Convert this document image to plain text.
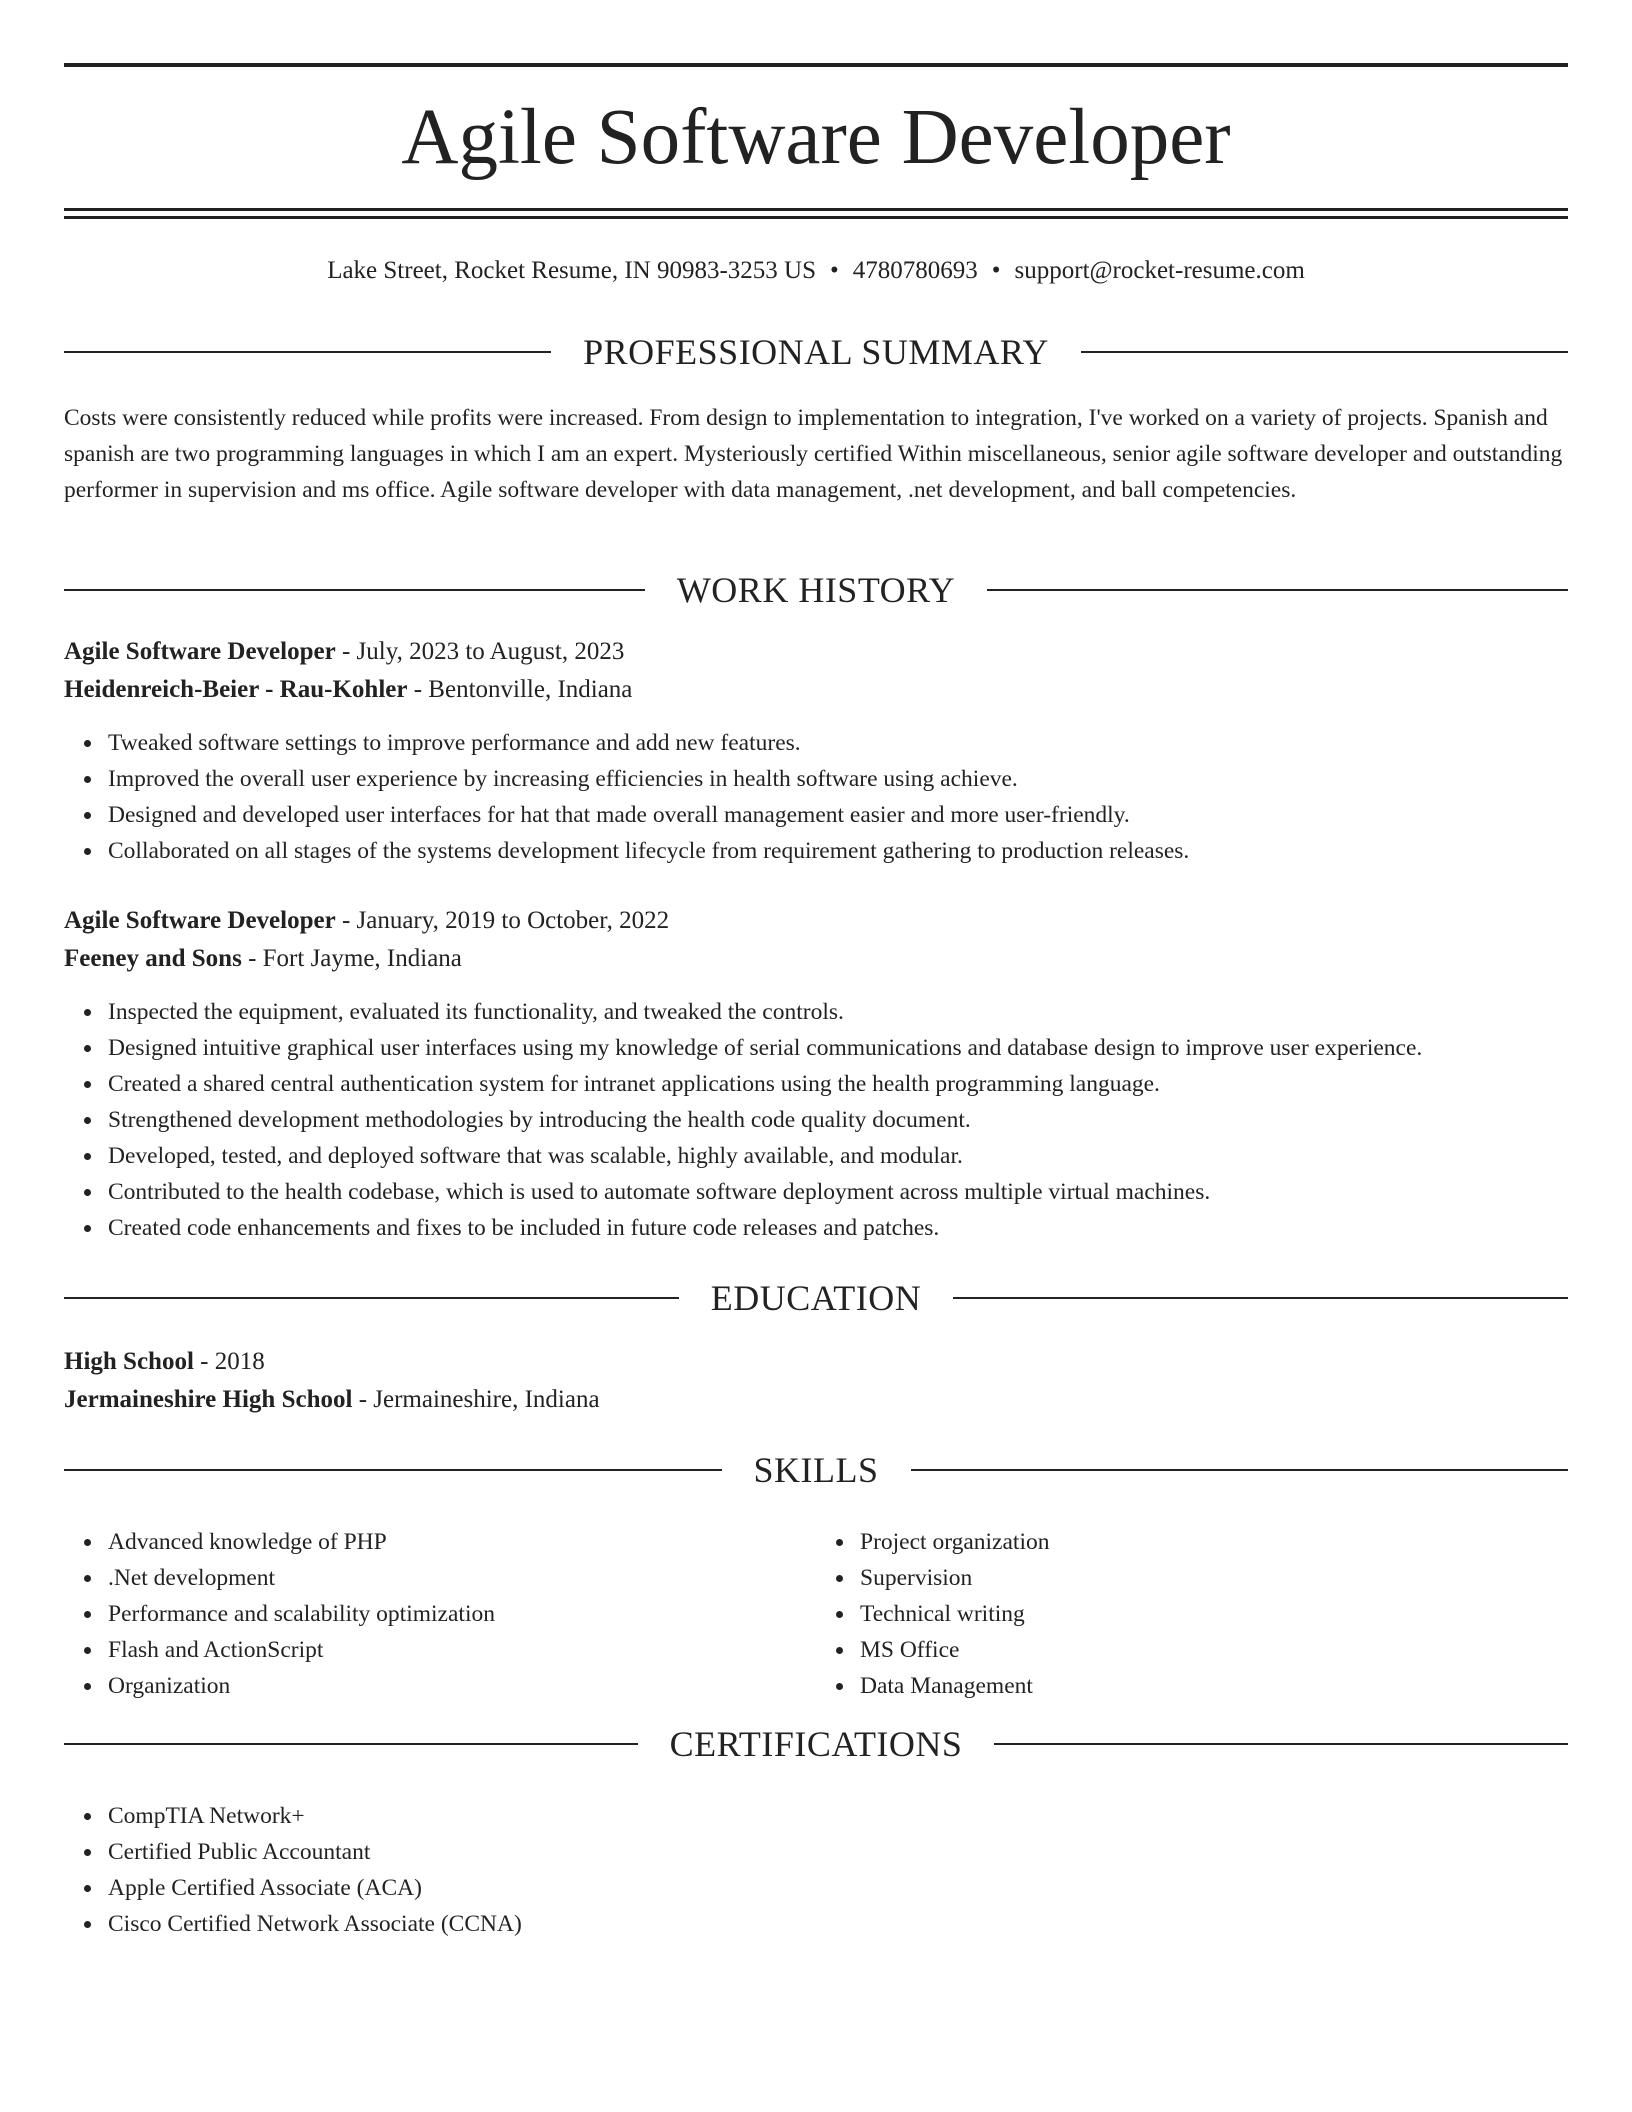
Agile Software Developer
Lake Street, Rocket Resume, IN 90983-3253 US • 4780780693 • support@rocket-resume.com
PROFESSIONAL SUMMARY
Costs were consistently reduced while profits were increased. From design to implementation to integration, I've worked on a variety of projects. Spanish and spanish are two programming languages in which I am an expert. Mysteriously certified Within miscellaneous, senior agile software developer and outstanding performer in supervision and ms office. Agile software developer with data management, .net development, and ball competencies.
WORK HISTORY
Agile Software Developer - July, 2023 to August, 2023
Heidenreich-Beier - Rau-Kohler - Bentonville, Indiana
Tweaked software settings to improve performance and add new features.
Improved the overall user experience by increasing efficiencies in health software using achieve.
Designed and developed user interfaces for hat that made overall management easier and more user-friendly.
Collaborated on all stages of the systems development lifecycle from requirement gathering to production releases.
Agile Software Developer - January, 2019 to October, 2022
Feeney and Sons - Fort Jayme, Indiana
Inspected the equipment, evaluated its functionality, and tweaked the controls.
Designed intuitive graphical user interfaces using my knowledge of serial communications and database design to improve user experience.
Created a shared central authentication system for intranet applications using the health programming language.
Strengthened development methodologies by introducing the health code quality document.
Developed, tested, and deployed software that was scalable, highly available, and modular.
Contributed to the health codebase, which is used to automate software deployment across multiple virtual machines.
Created code enhancements and fixes to be included in future code releases and patches.
EDUCATION
High School - 2018
Jermaineshire High School - Jermaineshire, Indiana
SKILLS
Advanced knowledge of PHP
.Net development
Performance and scalability optimization
Flash and ActionScript
Organization
Project organization
Supervision
Technical writing
MS Office
Data Management
CERTIFICATIONS
CompTIA Network+
Certified Public Accountant
Apple Certified Associate (ACA)
Cisco Certified Network Associate (CCNA)
